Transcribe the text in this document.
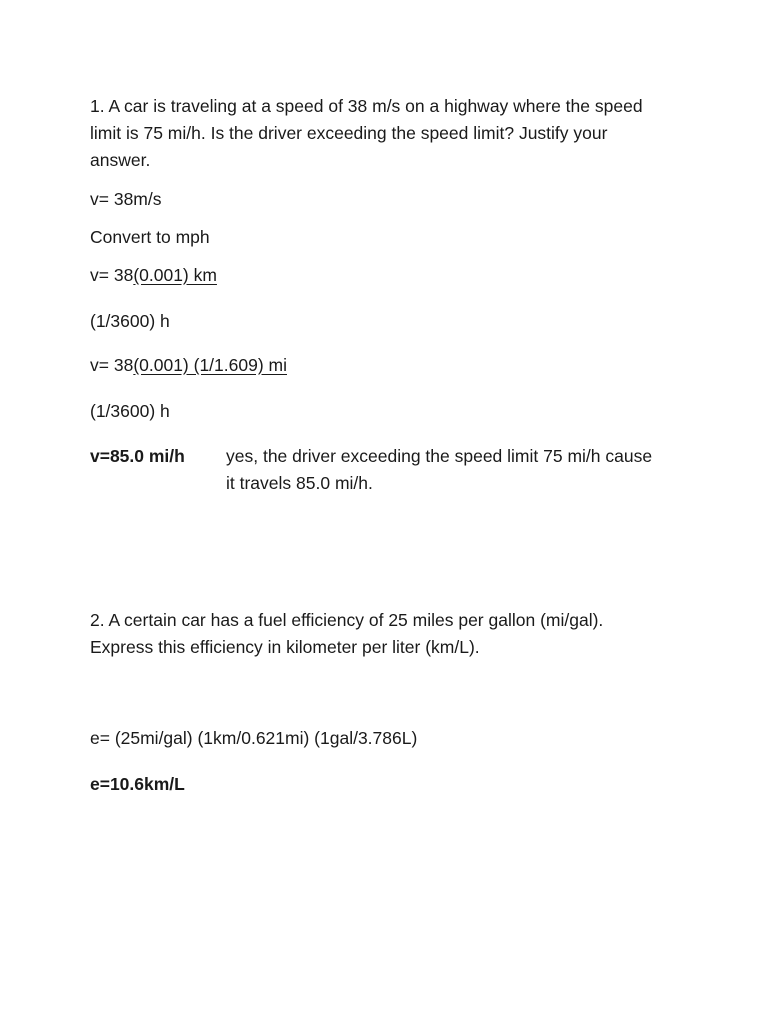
1. A car is traveling at a speed of 38 m/s on a highway where the speed
limit is 75 mi/h. Is the driver exceeding the speed limit? Justify your
answer.
v= 38m/s
Convert to mph
v= 38(0.001) km
(1/3600) h
v= 38(0.001) (1/1.609) mi
(1/3600) h
v=85.0 mi/h yes, the driver exceeding the speed limit 75 mi/h cause
it travels 85.0 mi/h.
2. A certain car has a fuel efficiency of 25 miles per gallon (mi/gal).
Express this efficiency in kilometer per liter (km/L).
e= (25mi/gal) (1km/0.621mi) (1gal/3.786L)
e=10.6km/L
